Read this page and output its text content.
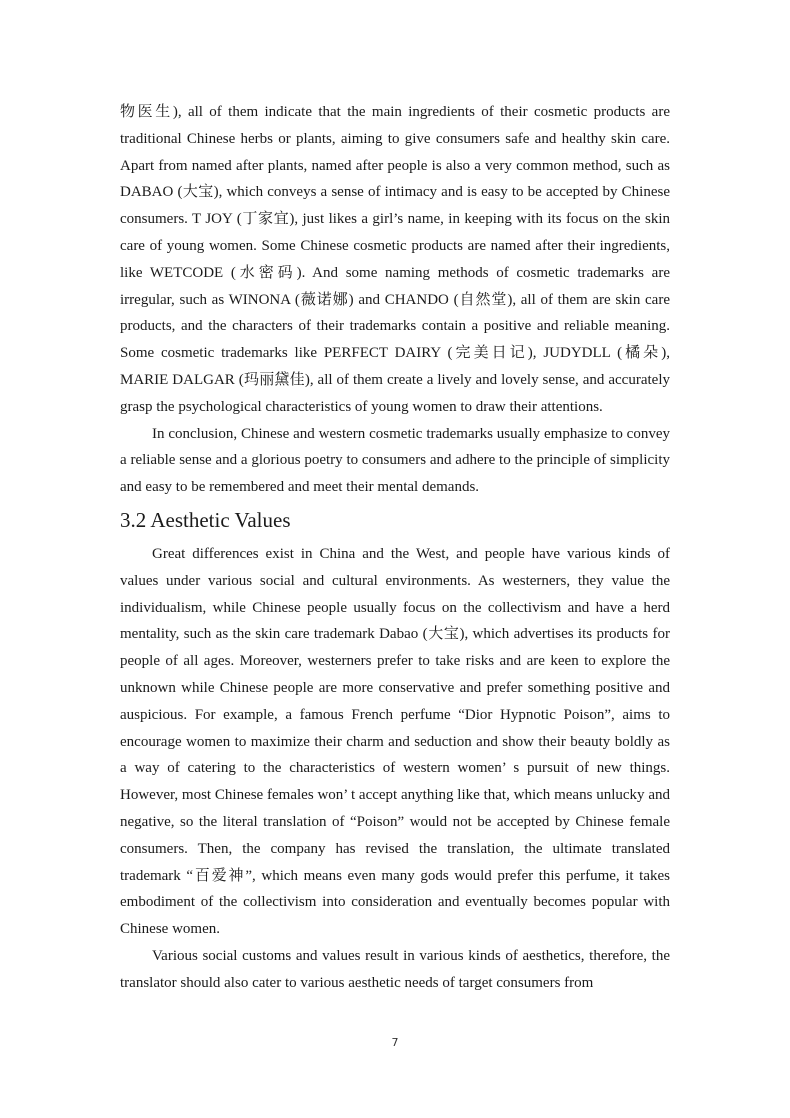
物医生), all of them indicate that the main ingredients of their cosmetic products are traditional Chinese herbs or plants, aiming to give consumers safe and healthy skin care. Apart from named after plants, named after people is also a very common method, such as DABAO (大宝), which conveys a sense of intimacy and is easy to be accepted by Chinese consumers. T JOY (丁家宜), just likes a girl’s name, in keeping with its focus on the skin care of young women. Some Chinese cosmetic products are named after their ingredients, like WETCODE (水密码). And some naming methods of cosmetic trademarks are irregular, such as WINONA (薇诺娜) and CHANDO (自然堂), all of them are skin care products, and the characters of their trademarks contain a positive and reliable meaning. Some cosmetic trademarks like PERFECT DAIRY (完美日记), JUDYDLL (橘朵), MARIE DALGAR (玛丽黛佳), all of them create a lively and lovely sense, and accurately grasp the psychological characteristics of young women to draw their attentions.

In conclusion, Chinese and western cosmetic trademarks usually emphasize to convey a reliable sense and a glorious poetry to consumers and adhere to the principle of simplicity and easy to be remembered and meet their mental demands.

3.2 Aesthetic Values

Great differences exist in China and the West, and people have various kinds of values under various social and cultural environments. As westerners, they value the individualism, while Chinese people usually focus on the collectivism and have a herd mentality, such as the skin care trademark Dabao (大宝), which advertises its products for people of all ages. Moreover, westerners prefer to take risks and are keen to explore the unknown while Chinese people are more conservative and prefer something positive and auspicious. For example, a famous French perfume “Dior Hypnotic Poison”, aims to encourage women to maximize their charm and seduction and show their beauty boldly as a way of catering to the characteristics of western women’ s pursuit of new things. However, most Chinese females won’ t accept anything like that, which means unlucky and negative, so the literal translation of “Poison” would not be accepted by Chinese female consumers. Then, the company has revised the translation, the ultimate translated trademark “百爱神”, which means even many gods would prefer this perfume, it takes embodiment of the collectivism into consideration and eventually becomes popular with Chinese women.

Various social customs and values result in various kinds of aesthetics, therefore, the translator should also cater to various aesthetic needs of target consumers from

7
